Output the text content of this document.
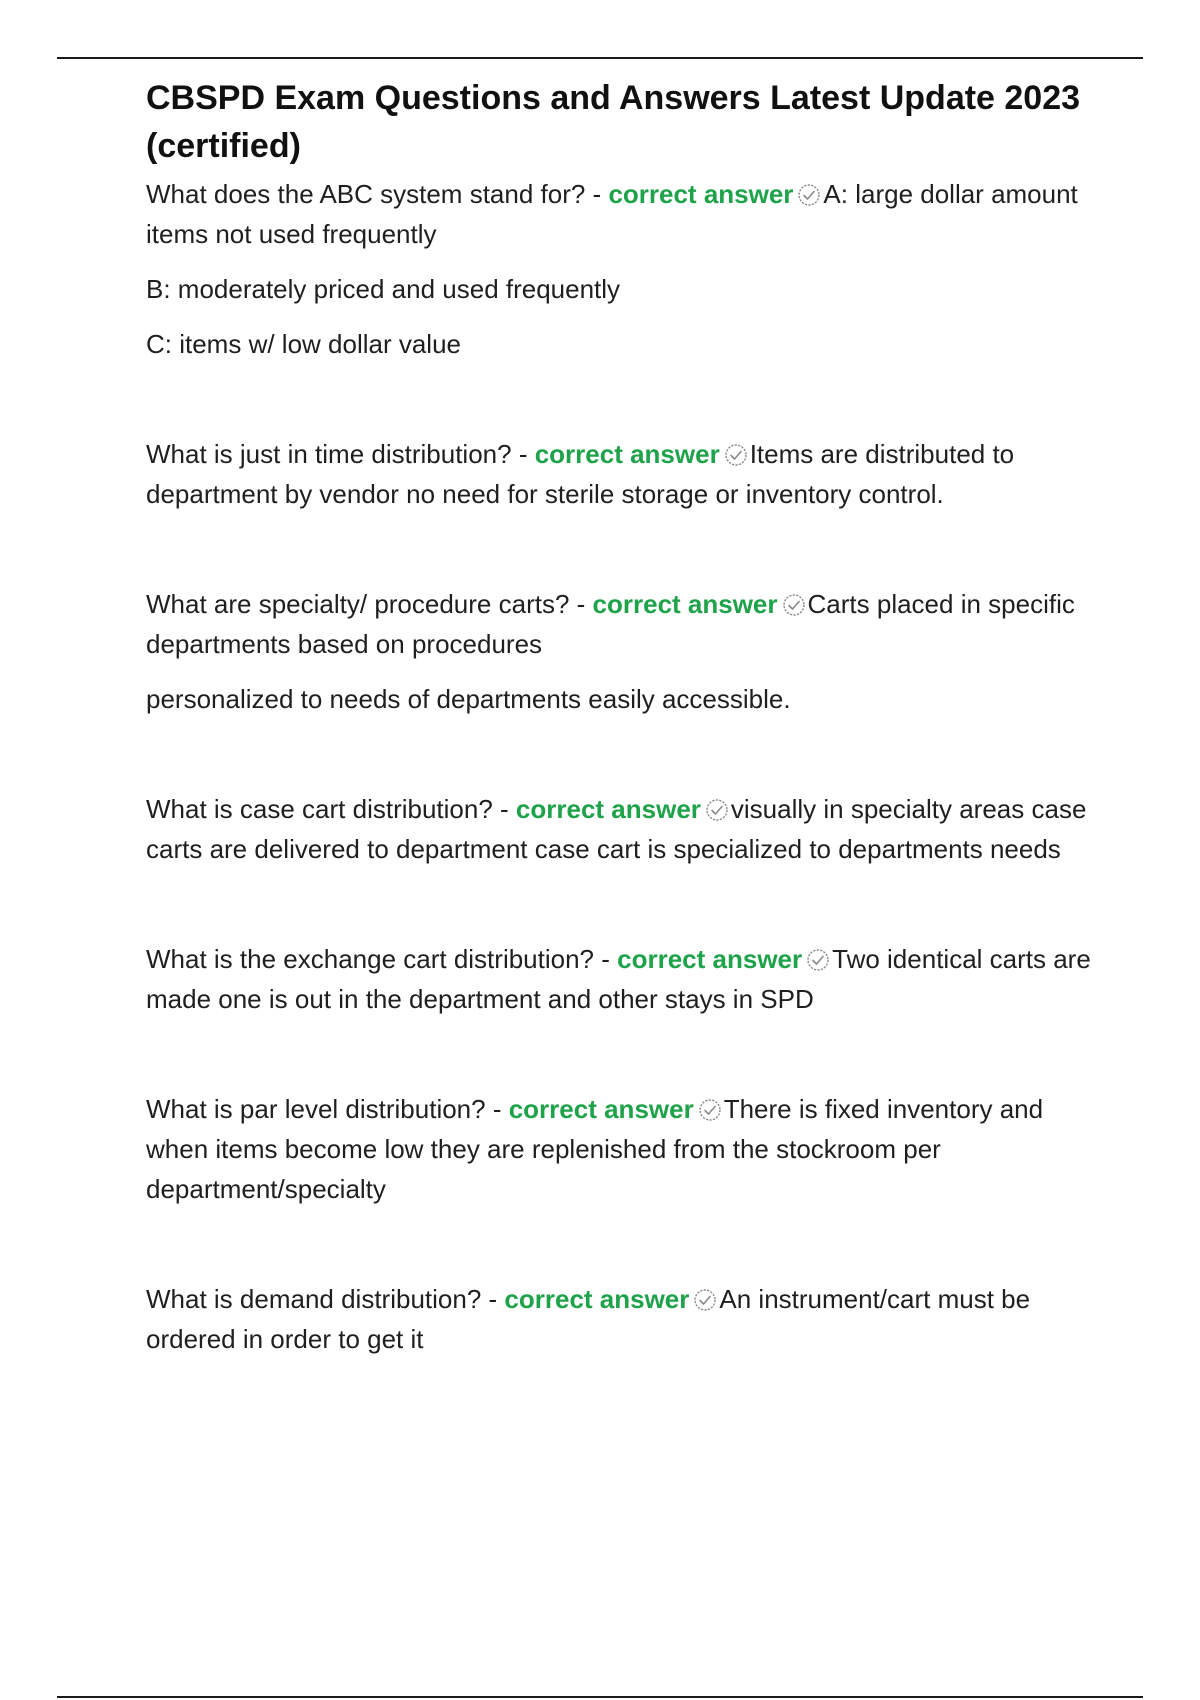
CBSPD Exam Questions and Answers Latest Update 2023 (certified)

What does the ABC system stand for? - correct answer A: large dollar amount items not used frequently

B: moderately priced and used frequently

C: items w/ low dollar value

What is just in time distribution? - correct answer Items are distributed to department by vendor no need for sterile storage or inventory control.

What are specialty/ procedure carts? - correct answer Carts placed in specific departments based on procedures

personalized to needs of departments easily accessible.

What is case cart distribution? - correct answer visually in specialty areas case carts are delivered to department case cart is specialized to departments needs

What is the exchange cart distribution? - correct answer Two identical carts are made one is out in the department and other stays in SPD

What is par level distribution? - correct answer There is fixed inventory and when items become low they are replenished from the stockroom per department/specialty

What is demand distribution? - correct answer An instrument/cart must be ordered in order to get it
